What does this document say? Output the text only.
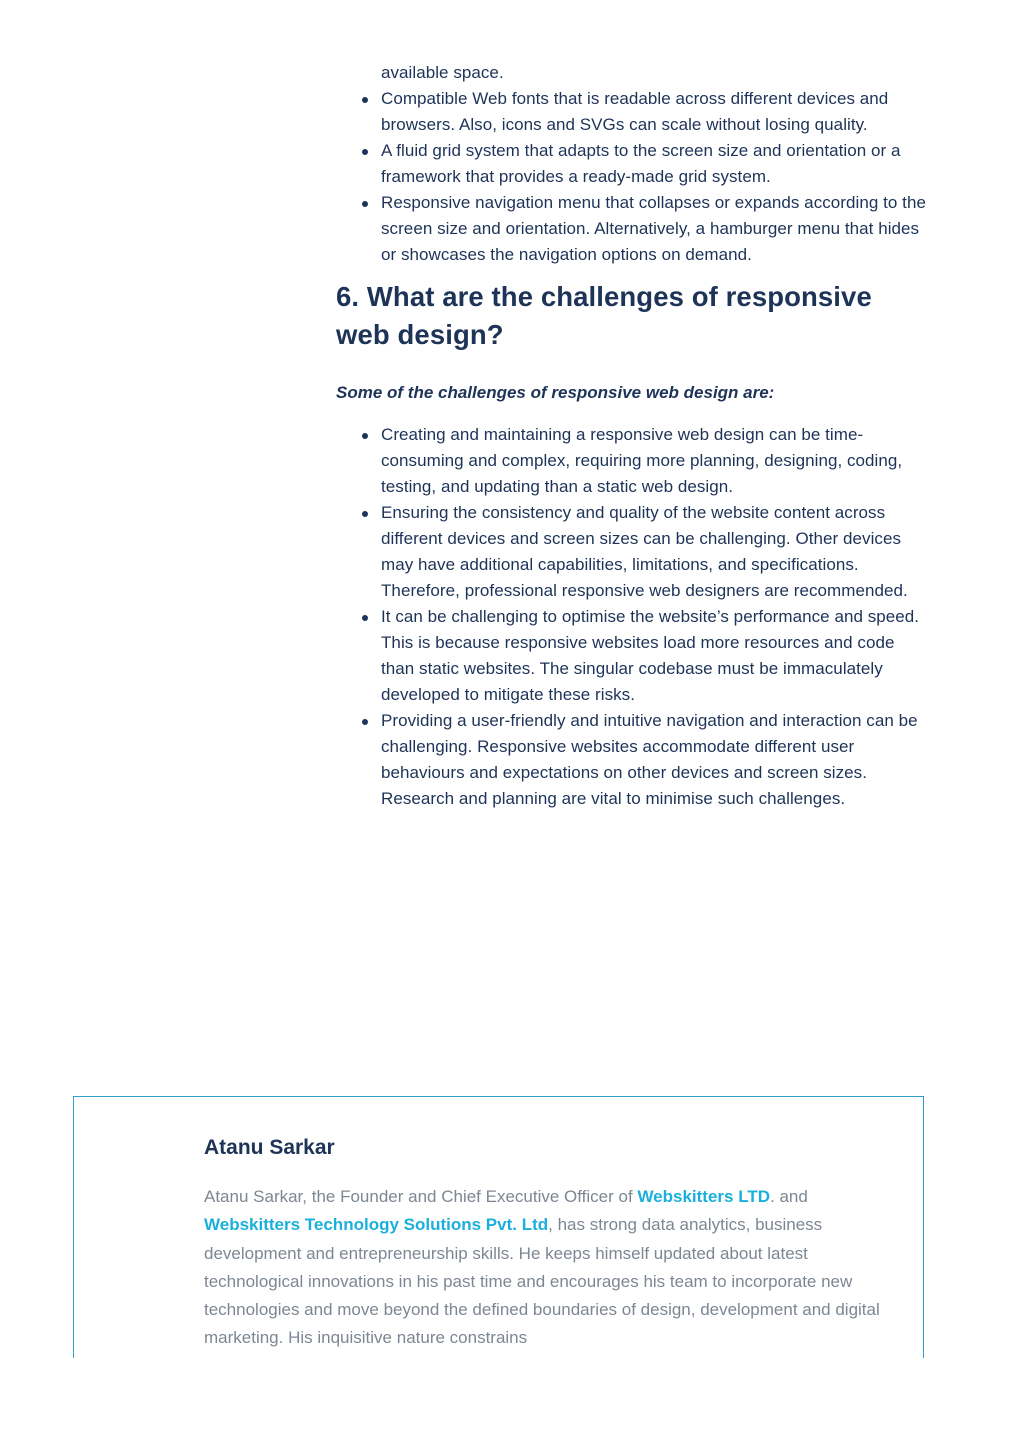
available space.
Compatible Web fonts that is readable across different devices and browsers. Also, icons and SVGs can scale without losing quality.
A fluid grid system that adapts to the screen size and orientation or a framework that provides a ready-made grid system.
Responsive navigation menu that collapses or expands according to the screen size and orientation. Alternatively, a hamburger menu that hides or showcases the navigation options on demand.
6. What are the challenges of responsive web design?

Some of the challenges of responsive web design are:

Creating and maintaining a responsive web design can be time-consuming and complex, requiring more planning, designing, coding, testing, and updating than a static web design.
Ensuring the consistency and quality of the website content across different devices and screen sizes can be challenging. Other devices may have additional capabilities, limitations, and specifications. Therefore, professional responsive web designers are recommended.
It can be challenging to optimise the website’s performance and speed. This is because responsive websites load more resources and code than static websites. The singular codebase must be immaculately developed to mitigate these risks.
Providing a user-friendly and intuitive navigation and interaction can be challenging. Responsive websites accommodate different user behaviours and expectations on other devices and screen sizes. Research and planning are vital to minimise such challenges.
Atanu Sarkar

Atanu Sarkar, the Founder and Chief Executive Officer of Webskitters LTD. and Webskitters Technology Solutions Pvt. Ltd, has strong data analytics, business development and entrepreneurship skills. He keeps himself updated about latest technological innovations in his past time and encourages his team to incorporate new technologies and move beyond the defined boundaries of design, development and digital marketing. His inquisitive nature constrains
